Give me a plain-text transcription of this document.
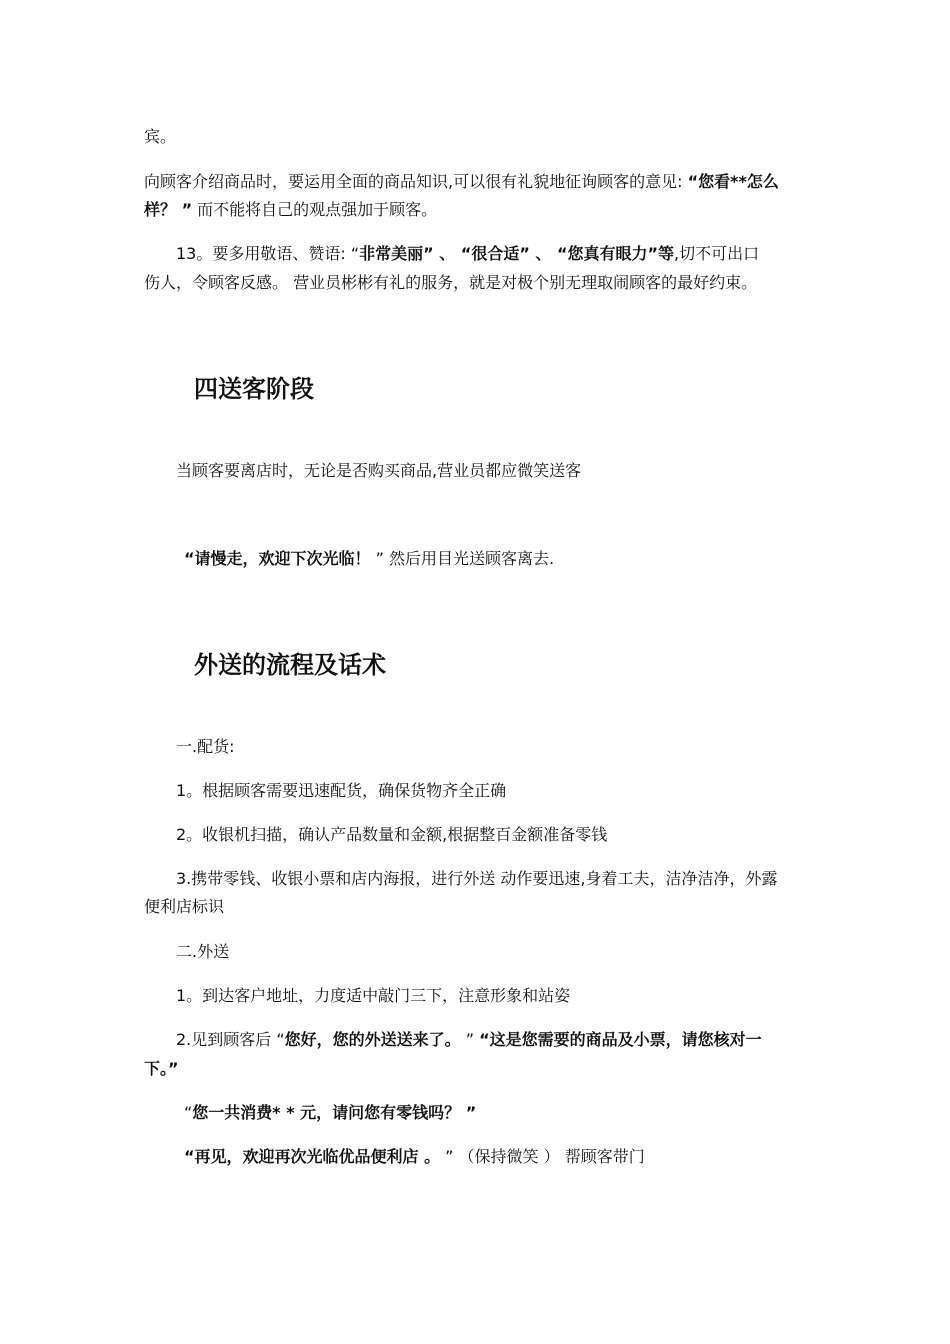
宾。
向顾客介绍商品时，要运用全面的商品知识,可以很有礼貌地征询顾客的意见: “您看**怎么
样？ ” 而不能将自己的观点强加于顾客。
13。要多用敬语、赞语: “非常美丽” 、 “很合适” 、 “您真有眼力”等,切不可出口
伤人，令顾客反感。 营业员彬彬有礼的服务，就是对极个别无理取闹顾客的最好约束。
四送客阶段
当顾客要离店时，无论是否购买商品,营业员都应微笑送客
“请慢走，欢迎下次光临！ ” 然后用目光送顾客离去.
外送的流程及话术
一.配货:
1。根据顾客需要迅速配货，确保货物齐全正确
2。收银机扫描，确认产品数量和金额,根据整百金额准备零钱
3.携带零钱、收银小票和店内海报，进行外送 动作要迅速,身着工夫，洁净洁净，外露
便利店标识
二.外送
1。到达客户地址，力度适中敲门三下，注意形象和站姿
2.见到顾客后 “您好，您的外送送来了。 ” “这是您需要的商品及小票，请您核对一
下。”
“您一共消费* * 元，请问您有零钱吗？ ”
“再见，欢迎再次光临优品便利店 。 ” （保持微笑 ） 帮顾客带门
